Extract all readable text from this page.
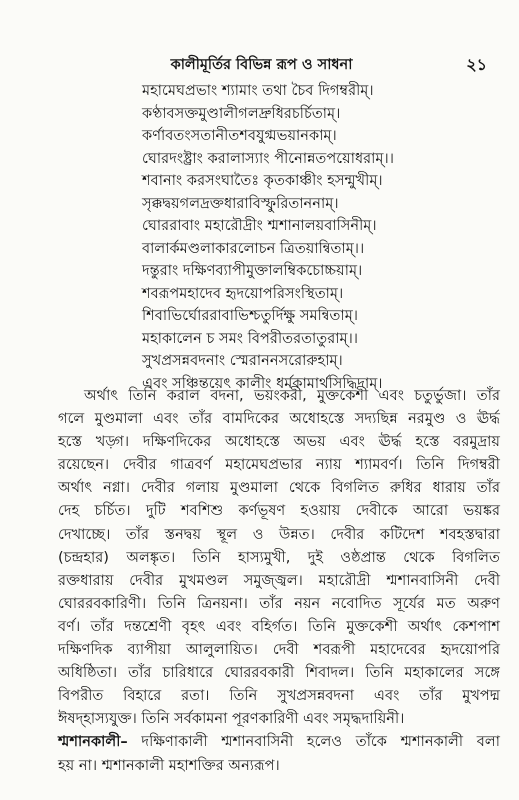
কালীমূর্তির বিভিন্ন রূপ ও সাধনা	২১
মহামেঘপ্রভাং শ্যামাং তথা চৈব দিগম্বরীম্।
কণ্ঠাবসক্তমুণ্ডালীগলদ্রুধিরচর্চিতাম্।
কর্ণাবতংসতানীতশবযুগ্মভয়ানকাম্।
ঘোরদংষ্ট্রাং করালাস্যাং পীনোন্নতপয়োধরাম্।।
শবানাং করসংঘাতৈঃ কৃতকাঞ্চীং হসন্মুখীম্।
সৃক্কদ্বয়গলদ্রক্তধারাবিস্ফুরিতাননাম্।
ঘোররাবাং মহারৌদ্রীং শ্মশানালয়বাসিনীম্।
বালার্কমণ্ডলাকারলোচন ত্রিতয়ান্বিতাম্।।
দন্তুরাং দক্ষিণব্যাপীমুক্তালম্বিকচোচ্চয়াম্।
শবরূপমহাদেব হৃদয়োপরিসংস্থিতাম্।
শিবাভির্ঘোররাবাভিশ্চতুর্দিক্ষু সমন্বিতাম্।
মহাকালেন চ সমং বিপরীতরতাতুরাম্।।
সুখপ্রসন্নবদনাং স্মেরাননসরোরুহাম্।
এবং সঞ্চিন্তয়েৎ কালীং ধর্মকামার্থসিদ্ধিদাম্।
অর্থাৎ তিনি করাল বদনা, ভয়ংকরী, মুক্তকেশী এবং চতুর্ভুজা। তাঁর
গলে মুণ্ডমালা এবং তাঁর বামদিকের অধোহস্তে সদ্যছিন্ন নরমুণ্ড ও ঊর্দ্ধ
হস্তে খড়্গ। দক্ষিণদিকের অধোহস্তে অভয় এবং ঊর্দ্ধ হস্তে বরমুদ্রায়
রয়েছেন। দেবীর গাত্রবর্ণ মহামেঘপ্রভার ন্যায় শ্যামবর্ণ। তিনি দিগম্বরী
অর্থাৎ নগ্না। দেবীর গলায় মুণ্ডমালা থেকে বিগলিত রুধির ধারায় তাঁর
দেহ চর্চিত। দুটি শবশিশু কর্ণভূষণ হওয়ায় দেবীকে আরো ভয়ঙ্কর
দেখাচ্ছে। তাঁর স্তনদ্বয় স্থূল ও উন্নত। দেবীর কটিদেশ শবহস্তদ্বারা
(চন্দ্রহার) অলঙ্কৃত। তিনি হাস্যমুখী, দুই ওষ্ঠপ্রান্ত থেকে বিগলিত
রক্তধারায় দেবীর মুখমণ্ডল সমুজ্জ্বল। মহারৌদ্রী শ্মশানবাসিনী দেবী
ঘোররবকারিণী। তিনি ত্রিনয়না। তাঁর নয়ন নবোদিত সূর্যের মত অরুণ
বর্ণ। তাঁর দন্তশ্রেণী বৃহৎ এবং বহির্গত। তিনি মুক্তকেশী অর্থাৎ কেশপাশ
দক্ষিণদিক ব্যাপীয়া আলুলায়িত। দেবী শবরূপী মহাদেবের হৃদয়োপরি
অধিষ্ঠিতা। তাঁর চারিধারে ঘোররবকারী শিবাদল। তিনি মহাকালের সঙ্গে
বিপরীত বিহারে রতা। তিনি সুখপ্রসন্নবদনা এবং তাঁর মুখপদ্ম
ঈষদ্‌হাস্যযুক্ত। তিনি সর্বকামনা পূরণকারিণী এবং সমৃদ্ধদায়িনী।
শ্মশানকালী– দক্ষিণাকালী শ্মশানবাসিনী হলেও তাঁকে শ্মশানকালী বলা
হয় না। শ্মশানকালী মহাশক্তির অন্যরূপ।
